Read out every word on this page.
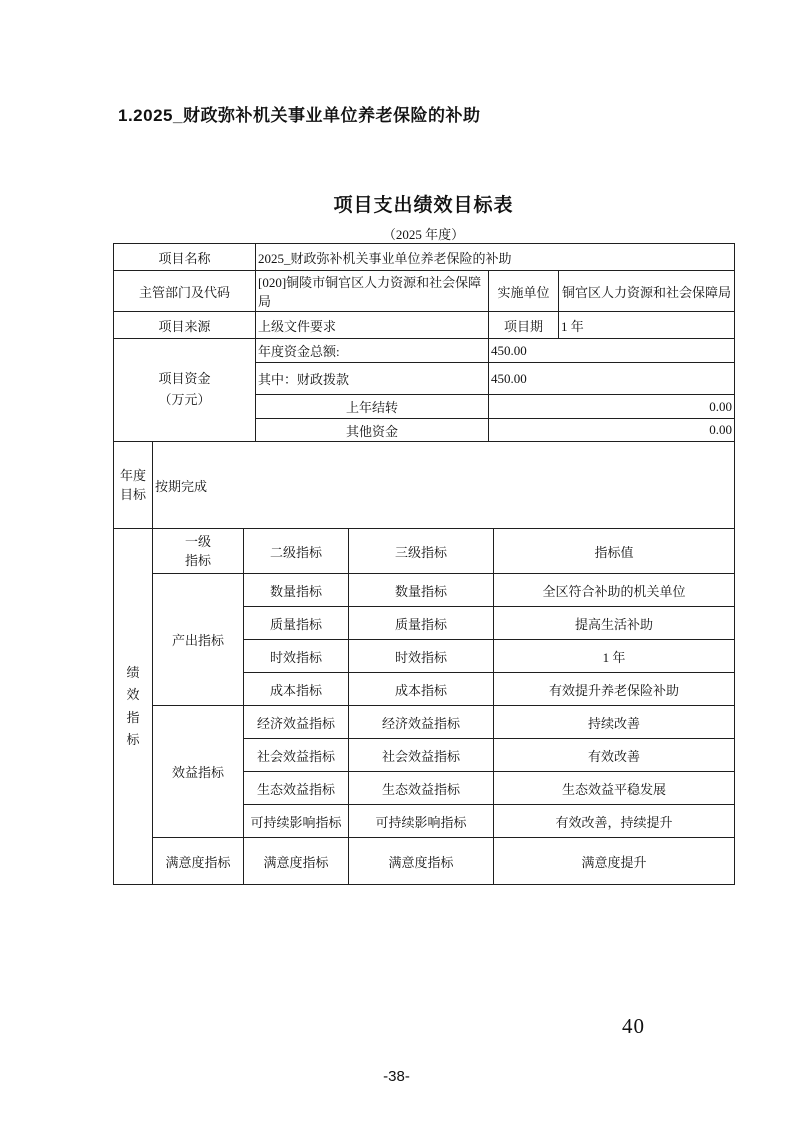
1.2025_财政弥补机关事业单位养老保险的补助
项目支出绩效目标表
（2025 年度）
项目名称			2025_财政弥补机关事业单位养老保险的补助				
主管部门及代码			[020]铜陵市铜官区人力资源和社会保障局		实施单位		铜官区人力资源和社会保障局
项目来源			上级文件要求		项目期		1 年
项目资金（万元）			年度资金总额:		450.00		
			其中：财政拨款		450.00		
			上年结转		0.00		
			其他资金		0.00		
年度目标	按期完成						
绩效指标	一级指标	二级指标		三级指标		指标值	
	产出指标	数量指标		数量指标		全区符合补助的机关单位	
		质量指标		质量指标		提高生活补助	
		时效指标		时效指标		1 年	
		成本指标		成本指标		有效提升养老保险补助	
	效益指标	经济效益指标		经济效益指标		持续改善	
		社会效益指标		社会效益指标		有效改善	
		生态效益指标		生态效益指标		生态效益平稳发展	
		可持续影响指标		可持续影响指标		有效改善，持续提升	
	满意度指标	满意度指标		满意度指标		满意度提升	
40
-38-
